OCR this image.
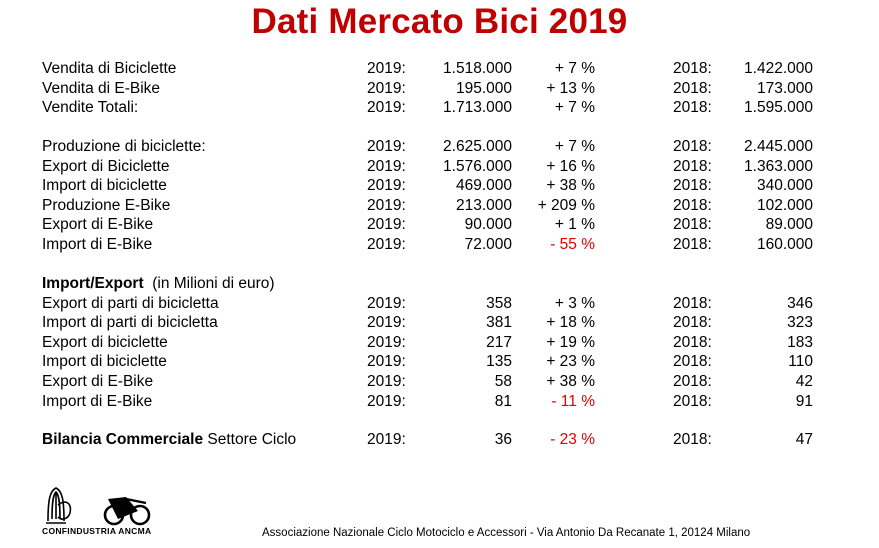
Dati Mercato Bici 2019
Vendita di Biciclette	2019: 1.518.000	+ 7 %	2018: 1.422.000
Vendita di E-Bike	2019:	195.000 + 13 %	2018:	173.000
Vendite Totali:	2019: 1.713.000	+ 7 %	2018: 1.595.000
Produzione di biciclette:	2019: 2.625.000	+ 7 %	2018: 2.445.000
Export di Biciclette	2019: 1.576.000 + 16 %	2018: 1.363.000
Import di biciclette	2019:	469.000 + 38 %	2018:	340.000
Produzione E-Bike	2019:	213.000 + 209 %	2018:	102.000
Export di E-Bike	2019:	90.000	+ 1 %	2018:	89.000
Import di E-Bike	2019:	72.000 - 55 %	2018:	160.000
Import/Export  (in Milioni di euro)
Export di parti di bicicletta	2019:	358	+ 3 %	2018:	346
Import di parti di bicicletta	2019:	381 + 18 %	2018:	323
Export di biciclette	2019:	217 + 19 %	2018:	183
Import di biciclette	2019:	135 + 23 %	2018:	110
Export di E-Bike	2019:	58 + 38 %	2018:	42
Import di E-Bike	2019:	81	- 11 %	2018:	91
Bilancia Commerciale Settore Ciclo	2019:	36 - 23 %	2018:	47
CONFINDUSTRIA ANCMA	Associazione Nazionale Ciclo Motociclo e Accessori - Via Antonio Da Recanate 1, 20124 Milano
